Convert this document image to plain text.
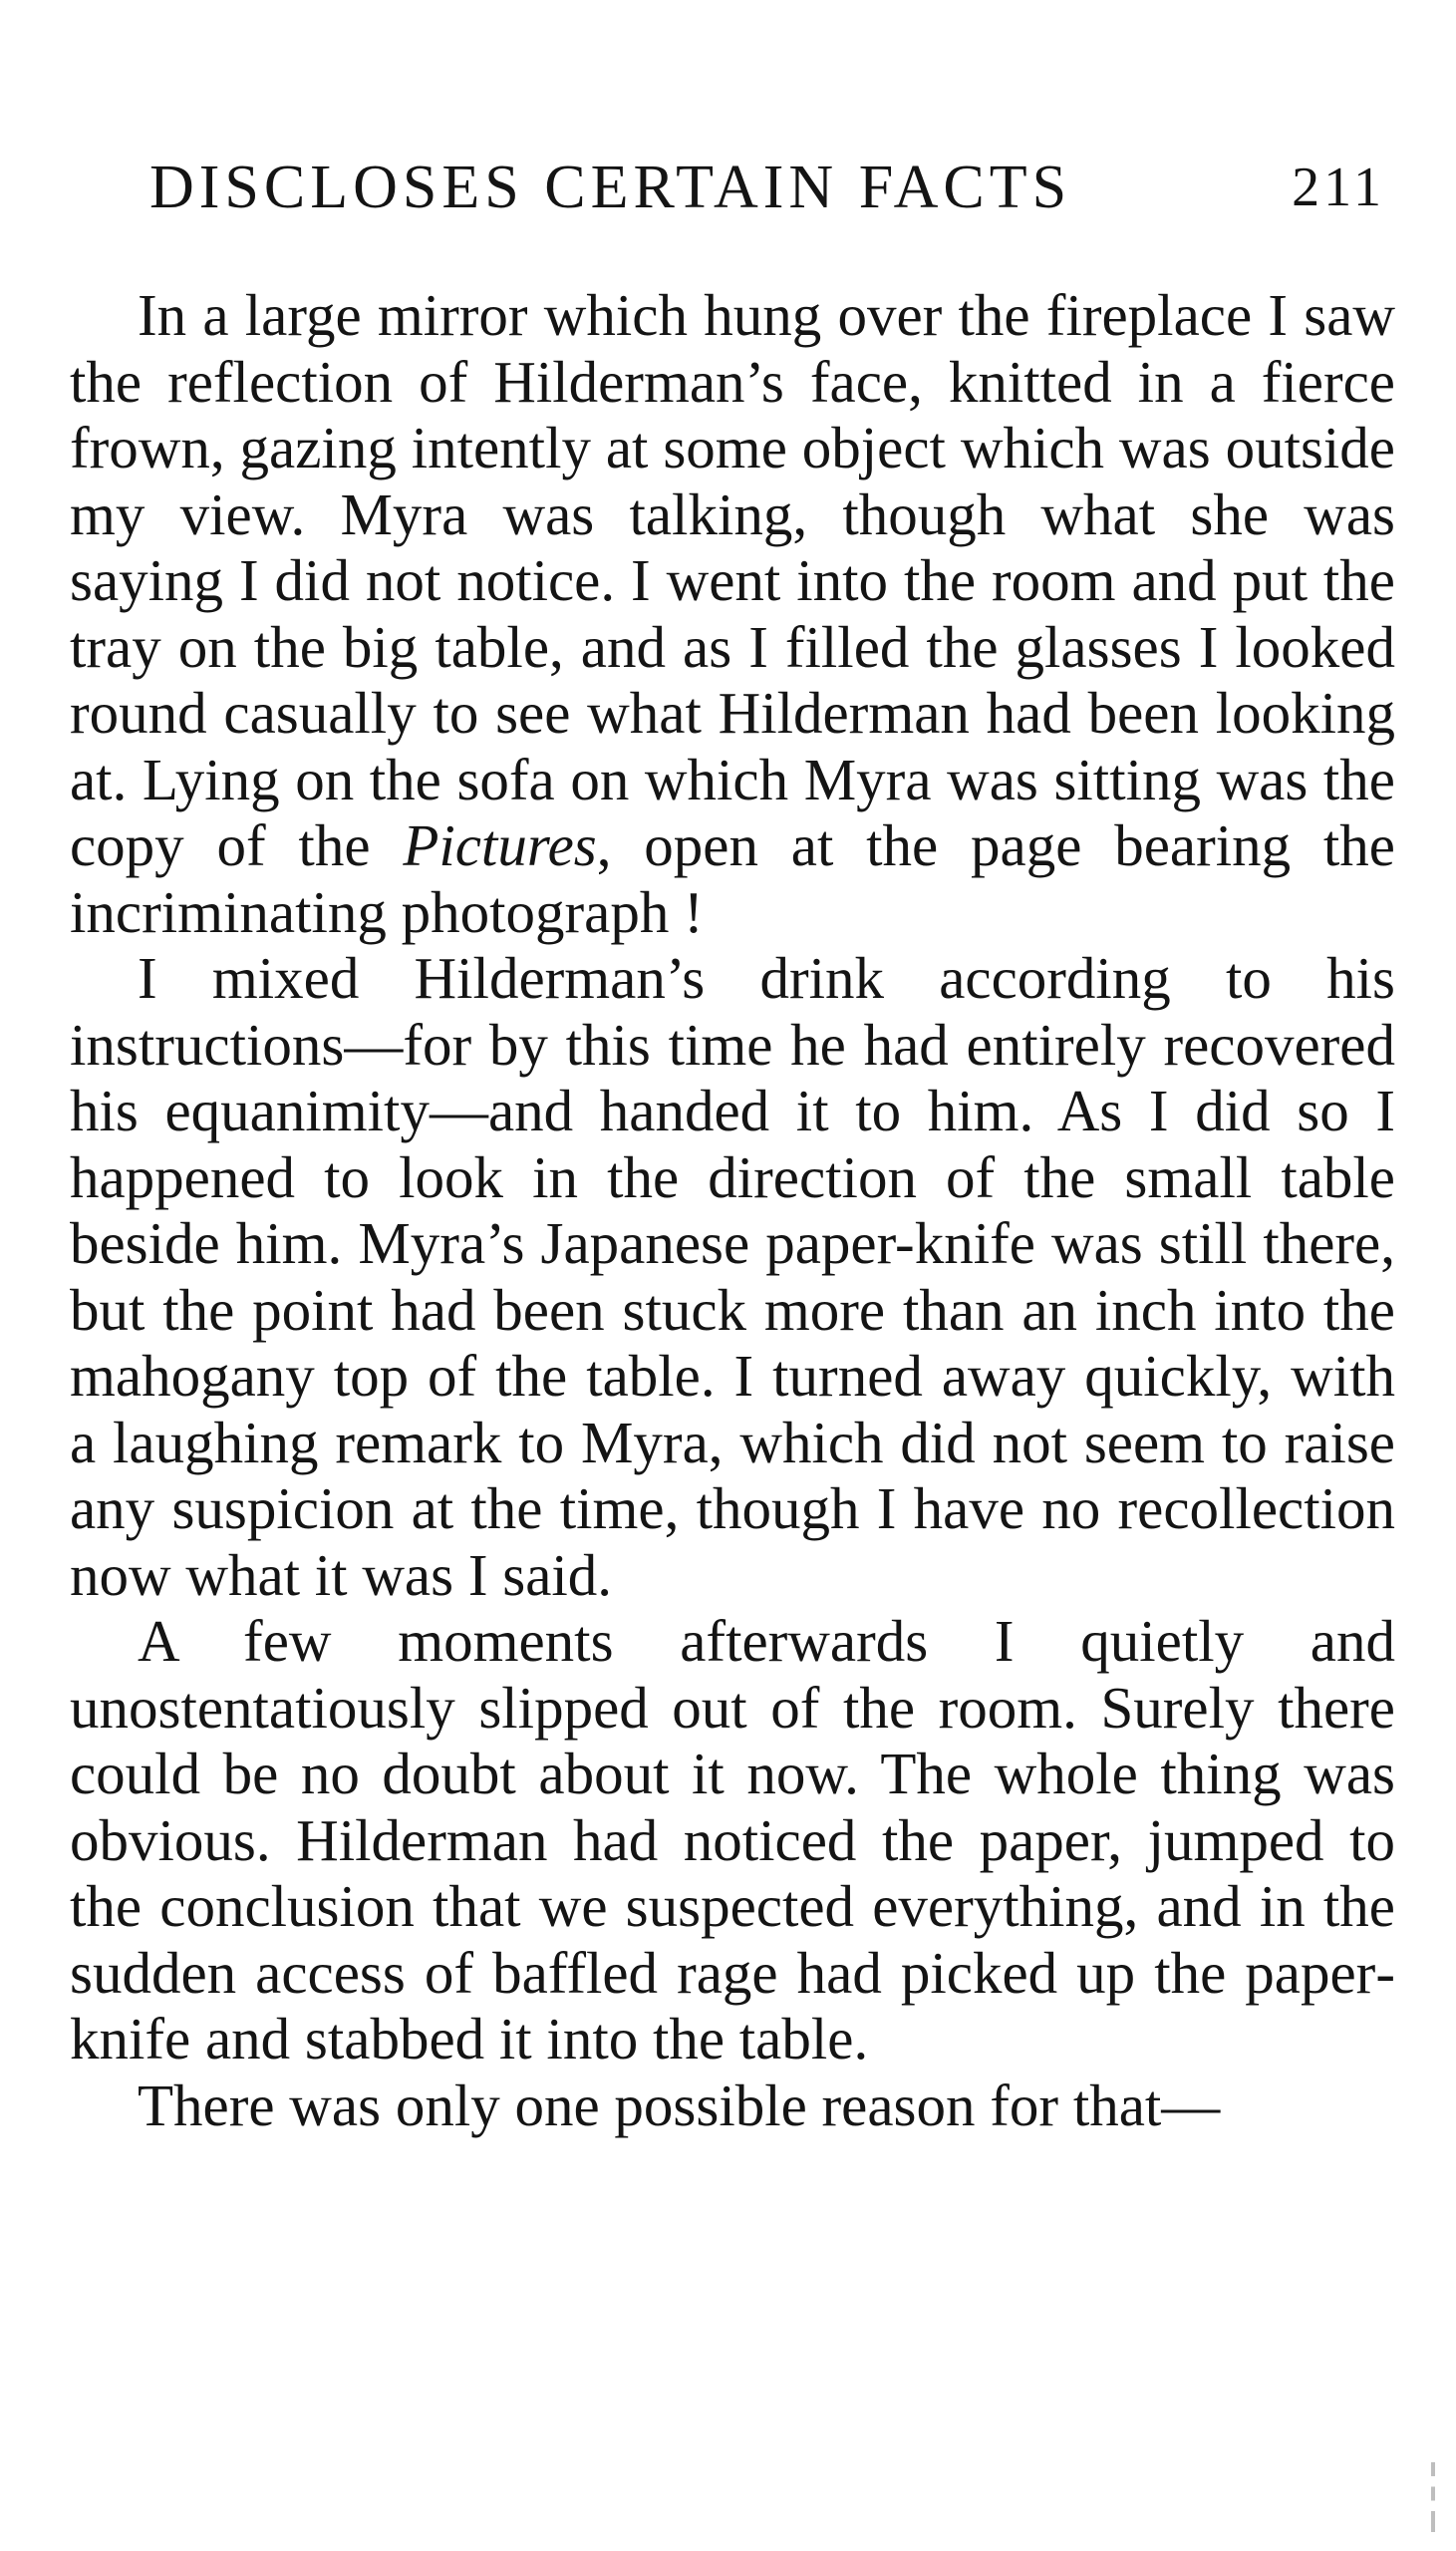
DISCLOSES CERTAIN FACTS	211

In a large mirror which hung over the fireplace I saw the reflection of Hilderman’s face, knitted in a fierce frown, gazing intently at some object which was outside my view. Myra was talking, though what she was saying I did not notice. I went into the room and put the tray on the big table, and as I filled the glasses I looked round casually to see what Hilderman had been looking at. Lying on the sofa on which Myra was sitting was the copy of the Pictures, open at the page bearing the incriminating photograph !

I mixed Hilderman’s drink according to his instructions—for by this time he had entirely recovered his equanimity—and handed it to him. As I did so I happened to look in the direction of the small table beside him. Myra’s Japanese paper-knife was still there, but the point had been stuck more than an inch into the mahogany top of the table. I turned away quickly, with a laughing remark to Myra, which did not seem to raise any suspicion at the time, though I have no recollection now what it was I said.

A few moments afterwards I quietly and unostentatiously slipped out of the room. Surely there could be no doubt about it now. The whole thing was obvious. Hilderman had noticed the paper, jumped to the conclusion that we suspected everything, and in the sudden access of baffled rage had picked up the paperknife and stabbed it into the table.

There was only one possible reason for that—
